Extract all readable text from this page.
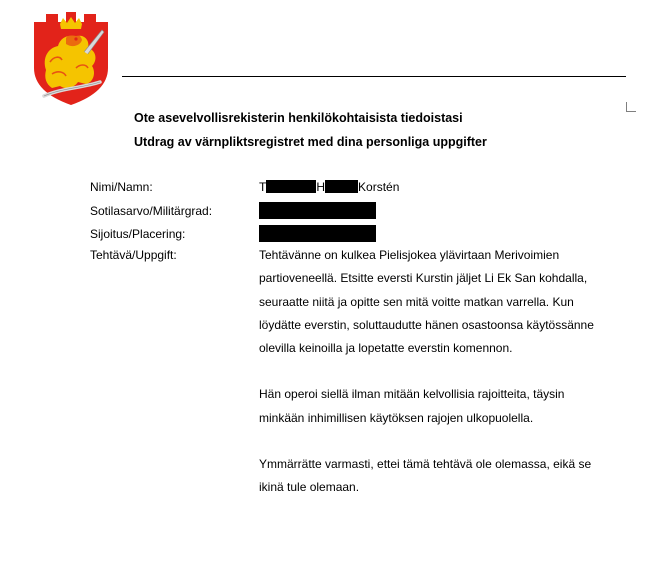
Ote asevelvollisrekisterin henkilökohtaisista tiedoistasi
Utdrag av värnpliktsregistret med dina personliga uppgifter
Nimi/Namn:	T	H	Korstén
Sotilasarvo/Militärgrad:
Sijoitus/Placering:
Tehtävä/Uppgift:	Tehtävänne on kulkea Pielisjokea ylävirtaan Merivoimien partioveneellä. Etsitte eversti Kurstin jäljet Li Ek San kohdalla, seuraatte niitä ja opitte sen mitä voitte matkan varrella. Kun löydätte everstin, soluttaudutte hänen osastoonsa käytössänne olevilla keinoilla ja lopetatte everstin komennon.

Hän operoi siellä ilman mitään kelvollisia rajoitteita, täysin minkään inhimillisen käytöksen rajojen ulkopuolella.

Ymmärrätte varmasti, ettei tämä tehtävä ole olemassa, eikä se ikinä tule olemaan.
